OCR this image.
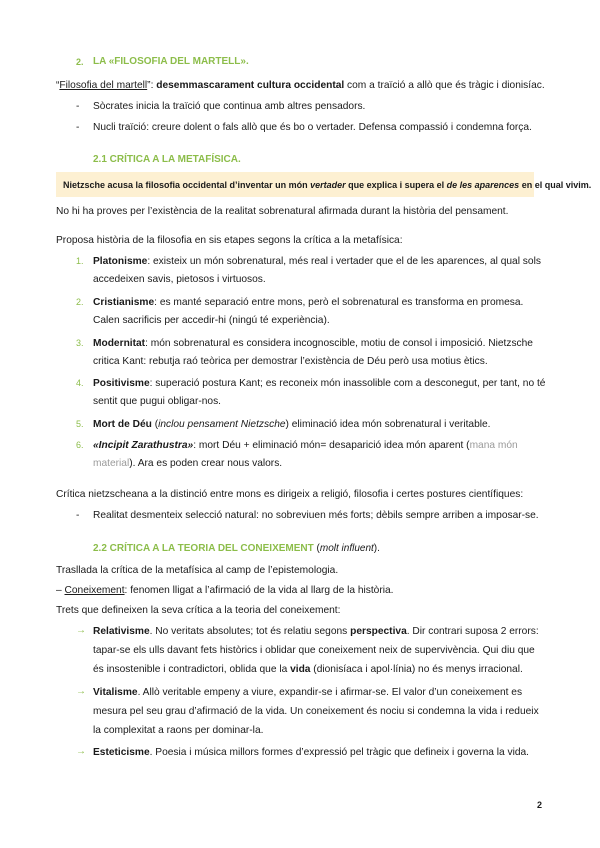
2. LA «FILOSOFIA DEL MARTELL».
“Filosofia del martell”: desemmascarament cultura occidental com a traïció a allò que és tràgic i dionisíac.
- Sòcrates inicia la traïció que continua amb altres pensadors.
- Nucli traïció: creure dolent o fals allò que és bo o vertader. Defensa compassió i condemna força.
2.1 CRÍTICA A LA METAFÍSICA.
Nietzsche acusa la filosofia occidental d’inventar un món vertader que explica i supera el de les aparences en el qual vivim.
No hi ha proves per l’existència de la realitat sobrenatural afirmada durant la història del pensament.
Proposa història de la filosofia en sis etapes segons la crítica a la metafísica:
1. Platonisme: existeix un món sobrenatural, més real i vertader que el de les aparences, al qual sols
accedeixen savis, pietosos i virtuosos.
2. Cristianisme: es manté separació entre mons, però el sobrenatural es transforma en promesa.
Calen sacrificis per accedir-hi (ningú té experiència).
3. Modernitat: món sobrenatural es considera incognoscible, motiu de consol i imposició. Nietzsche
critica Kant: rebutja raó teòrica per demostrar l’existència de Déu però usa motius ètics.
4. Positivisme: superació postura Kant; es reconeix món inassolible com a desconegut, per tant, no té
sentit que pugui obligar-nos.
5. Mort de Déu (inclou pensament Nietzsche) eliminació idea món sobrenatural i veritable.
6. «Incipit Zarathustra»: mort Déu + eliminació món= desaparició idea món aparent (mana món
material). Ara es poden crear nous valors.
Crítica nietzscheana a la distinció entre mons es dirigeix a religió, filosofia i certes postures científiques:
- Realitat desmenteix selecció natural: no sobreviuen més forts; dèbils sempre arriben a imposar-se.
2.2 CRÍTICA A LA TEORIA DEL CONEIXEMENT (molt influent).
Trasllada la crítica de la metafísica al camp de l’epistemologia.
– Coneixement: fenomen lligat a l’afirmació de la vida al llarg de la història.
Trets que defineixen la seva crítica a la teoria del coneixement:
→ Relativisme. No veritats absolutes; tot és relatiu segons perspectiva. Dir contrari suposa 2 errors:
tapar-se els ulls davant fets històrics i oblidar que coneixement neix de supervivència. Qui diu que
és insostenible i contradictori, oblida que la vida (dionisíaca i apol·línia) no és menys irracional.
→ Vitalisme. Allò veritable empeny a viure, expandir-se i afirmar-se. El valor d’un coneixement es
mesura pel seu grau d’afirmació de la vida. Un coneixement és nociu si condemna la vida i redueix
la complexitat a raons per dominar-la.
→ Esteticisme. Poesia i música millors formes d’expressió pel tràgic que defineix i governa la vida.
2
